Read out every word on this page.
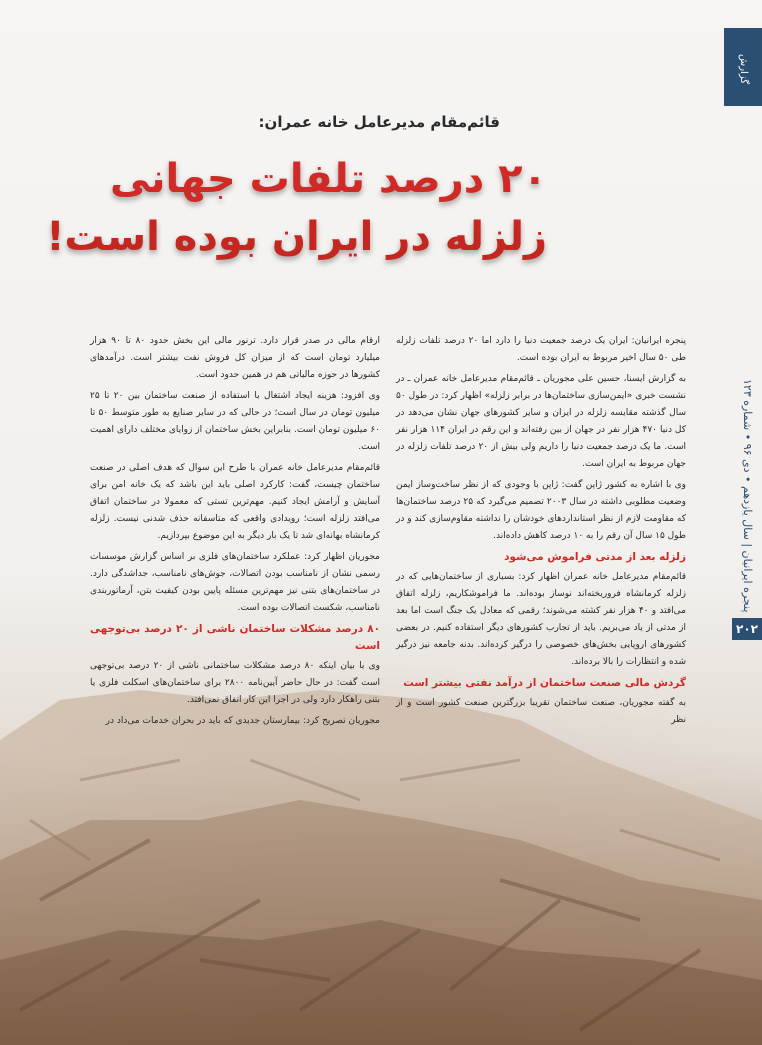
گزارش
پنجره ایرانیان | سال یازدهم • دی ۹۶ • شماره ۱۲۳
۲۰۲
قائم‌مقام مدیرعامل خانه عمران:
۲۰ درصد تلفات جهانی
زلزله در ایران بوده است!

پنجره ایرانیان: ایران یک درصد جمعیت دنیا را دارد اما ۲۰ درصد تلفات زلزله طی ۵۰ سال اخیر مربوط به ایران بوده است.

به گزارش ایسنا، حسین علی مجوریان ـ قائم‌مقام مدیرعامل خانه عمران ـ در نشست خبری «ایمن‌سازی ساختمان‌ها در برابر زلزله» اظهار کرد: در طول ۵۰ سال گذشته مقایسه زلزله در ایران و سایر کشورهای جهان نشان می‌دهد در کل دنیا ۴۷۰ هزار نفر در جهان از بین رفته‌اند و این رقم در ایران ۱۱۴ هزار نفر است. ما یک درصد جمعیت دنیا را داریم ولی بیش از ۲۰ درصد تلفات زلزله در جهان مربوط به ایران است.

وی با اشاره به کشور ژاپن گفت: ژاپن با وجودی که از نظر ساخت‌وساز ایمن وضعیت مطلوبی داشته در سال ۲۰۰۳ تصمیم می‌گیرد که ۲۵ درصد ساختمان‌ها که مقاومت لازم از نظر استانداردهای خودشان را نداشته مقاوم‌سازی کند و در طول ۱۵ سال آن رقم را به ۱۰ درصد کاهش داده‌اند.

زلزله بعد از مدتی فراموش می‌شود

قائم‌مقام مدیرعامل خانه عمران اظهار کرد: بسیاری از ساختمان‌هایی که در زلزله کرمانشاه فروریخته‌اند نوساز بوده‌اند. ما فراموشکاریم، زلزله اتفاق می‌افتد و ۴۰ هزار نفر کشته می‌شوند؛ رقمی که معادل یک جنگ است اما بعد از مدتی از یاد می‌بریم. باید از تجارب کشورهای دیگر استفاده کنیم. در بعضی کشورهای اروپایی بخش‌های خصوصی را درگیر کرده‌اند. بدنه جامعه نیز درگیر شده و انتظارات را بالا برده‌اند.

گردش مالی صنعت ساختمان از درآمد نفتی بیشتر است

به گفته مجوریان، صنعت ساختمان تقریبا بزرگترین صنعت کشور است و از نظر

ارقام مالی در صدر قرار دارد. ترنور مالی این بخش حدود ۸۰ تا ۹۰ هزار میلیارد تومان است که از میزان کل فروش نفت بیشتر است. درآمدهای کشورها در حوزه مالیاتی هم در همین حدود است.

وی افزود: هزینه ایجاد اشتغال با استفاده از صنعت ساختمان بین ۲۰ تا ۲۵ میلیون تومان در سال است؛ در حالی که در سایر صنایع به طور متوسط ۵۰ تا ۶۰ میلیون تومان است. بنابراین بخش ساختمان از زوایای مختلف دارای اهمیت است.

قائم‌مقام مدیرعامل خانه عمران با طرح این سوال که هدف اصلی در صنعت ساختمان چیست، گفت: کارکرد اصلی باید این باشد که یک خانه امن برای آسایش و آرامش ایجاد کنیم. مهم‌ترین تستی که معمولا در ساختمان اتفاق می‌افتد زلزله است؛ رویدادی واقعی که متاسفانه حذف شدنی نیست. زلزله کرمانشاه بهانه‌ای شد تا یک بار دیگر به این موضوع بپردازیم.

مجوریان اظهار کرد: عملکرد ساختمان‌های فلزی بر اساس گزارش موسسات رسمی نشان از نامناسب بودن اتصالات، جوش‌های نامناسب، جداشدگی دارد. در ساختمان‌های بتنی نیز مهم‌ترین مسئله پایین بودن کیفیت بتن، آرماتوربندی نامناسب، شکست اتصالات بوده است.

۸۰ درصد مشکلات ساختمان ناشی از ۲۰ درصد بی‌توجهی است

وی با بیان اینکه ۸۰ درصد مشکلات ساختمانی ناشی از ۲۰ درصد بی‌توجهی است گفت: در حال حاضر آیین‌نامه ۲۸۰۰ برای ساختمان‌های اسکلت فلزی یا بتنی راهکار دارد ولی در اجرا این کار اتفاق نمی‌افتد.

مجوریان تصریح کرد: بیمارستان جدیدی که باید در بحران خدمات می‌داد در
